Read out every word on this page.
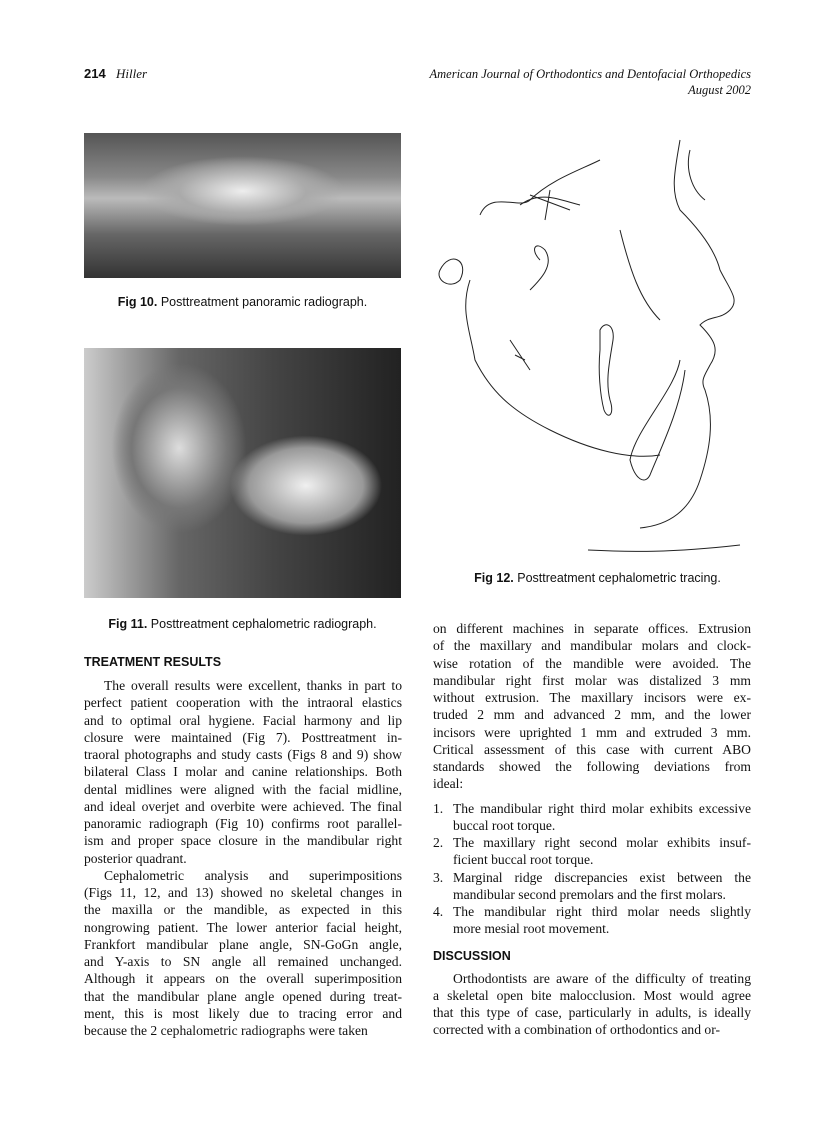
214 Hiller	American Journal of Orthodontics and Dentofacial Orthopedics
August 2002
Fig 10. Posttreatment panoramic radiograph.
Fig 11. Posttreatment cephalometric radiograph.
Fig 12. Posttreatment cephalometric tracing.
TREATMENT RESULTS
The overall results were excellent, thanks in part to
perfect patient cooperation with the intraoral elastics
and to optimal oral hygiene. Facial harmony and lip
closure were maintained (Fig 7). Posttreatment in-
traoral photographs and study casts (Figs 8 and 9) show
bilateral Class I molar and canine relationships. Both
dental midlines were aligned with the facial midline,
and ideal overjet and overbite were achieved. The final
panoramic radiograph (Fig 10) confirms root parallel-
ism and proper space closure in the mandibular right
posterior quadrant.
Cephalometric analysis and superimpositions
(Figs 11, 12, and 13) showed no skeletal changes in
the maxilla or the mandible, as expected in this
nongrowing patient. The lower anterior facial height,
Frankfort mandibular plane angle, SN-GoGn angle,
and Y-axis to SN angle all remained unchanged.
Although it appears on the overall superimposition
that the mandibular plane angle opened during treat-
ment, this is most likely due to tracing error and
because the 2 cephalometric radiographs were taken
on different machines in separate offices. Extrusion
of the maxillary and mandibular molars and clock-
wise rotation of the mandible were avoided. The
mandibular right first molar was distalized 3 mm
without extrusion. The maxillary incisors were ex-
truded 2 mm and advanced 2 mm, and the lower
incisors were uprighted 1 mm and extruded 3 mm.
Critical assessment of this case with current ABO
standards showed the following deviations from
ideal:
1. The mandibular right third molar exhibits excessive
buccal root torque.
2. The maxillary right second molar exhibits insuf-
ficient buccal root torque.
3. Marginal ridge discrepancies exist between the
mandibular second premolars and the first molars.
4. The mandibular right third molar needs slightly
more mesial root movement.
DISCUSSION
Orthodontists are aware of the difficulty of treating
a skeletal open bite malocclusion. Most would agree
that this type of case, particularly in adults, is ideally
corrected with a combination of orthodontics and or-
